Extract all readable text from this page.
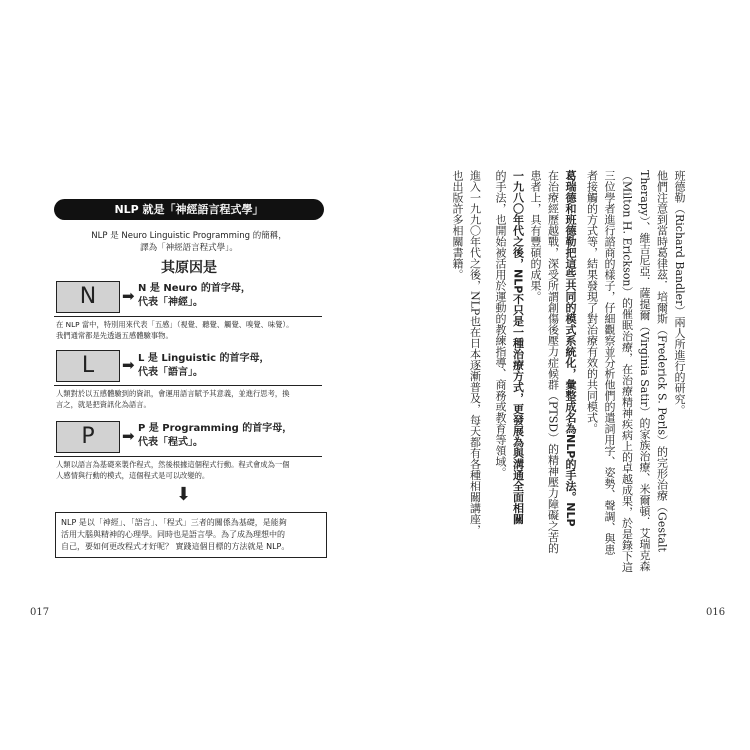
NLP 就是「神經語言程式學」
NLP 是 Neuro Linguistic Programming 的簡稱，
譯為「神經語言程式學」。
其原因是
N	➡ N 是 Neuro 的首字母，
代表「神經」。
在 NLP 當中，特別用來代表「五感」（視覺、聽覺、觸覺、嗅覺、味覺）。
我們通常都是先透過五感體驗事物。
L	➡ L 是 Linguistic 的首字母，
代表「語言」。
人類對於以五感體驗到的資訊，會運用語言賦予其意義，並進行思考，換
言之，就是把資訊化為語言。
P	➡ P 是 Programming 的首字母，
代表「程式」。
人類以語言為基礎來製作程式，然後根據這個程式行動。程式會成為一個
人感情與行動的模式，這個程式是可以改變的。
⬇
NLP 是以「神經」、「語言」、「程式」三者的關係為基礎，是能夠
活用大腦與精神的心理學。同時也是語言學。為了成為理想中的
自己，要如何更改程式才好呢？ 實踐這個目標的方法就是 NLP。
017
班德勒（Richard Bandler）兩人所進行的研究。
他們注意到當時葛律茲．培爾斯（Frederick S. Perls）的完形治療（Gestalt
Therapy）、維吉尼亞．薩提爾（Virginia Satir）的家族治療、米爾頓．艾瑞克森
（Milton H. Erickson）的催眠治療，在治療精神疾病上的卓越成果，於是錄下這
三位學者進行諮商的樣子，仔細觀察並分析他們的遣詞用字、姿勢、聲調、與患
者接觸的方式等，結果發現了對治療有效的共同模式。
葛瑞德和班德勒把這些共同的模式系統化，彙整成名為NLP的手法。NLP
在治療經歷越戰，深受所謂創傷後壓力症候群（PTSD）的精神壓力障礙之苦的
患者上，具有豐碩的成果。
一九八〇年代之後，NLP不只是一種治療方式，更發展為與溝通全面相關
的手法，也開始被活用於運動的教練指導、商務或教育等領域。
進入一九九〇年代之後，NLP也在日本逐漸普及，每天都有各種相關講座，
也出版許多相關書籍。
016
